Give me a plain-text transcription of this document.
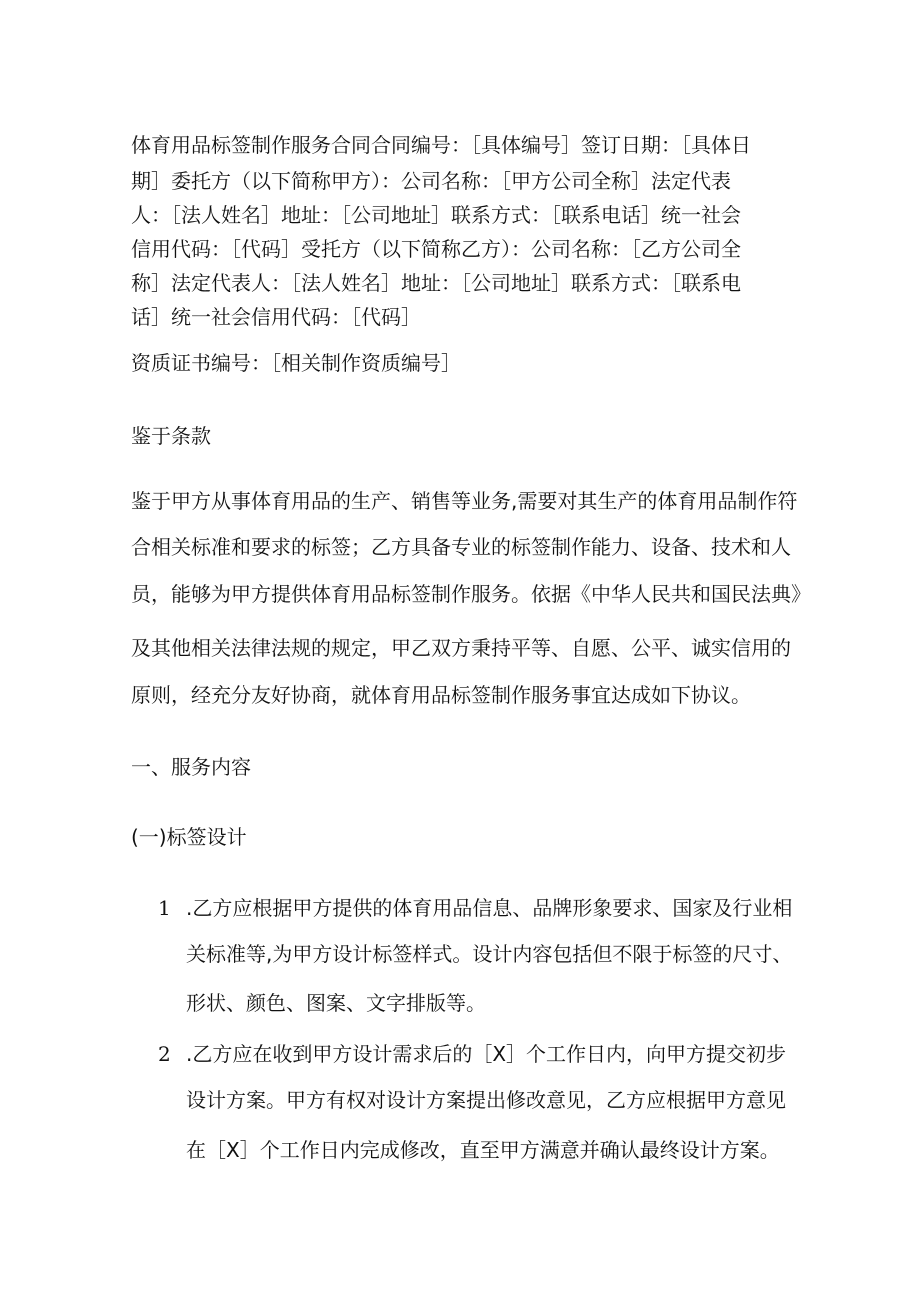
体育用品标签制作服务合同合同编号：［具体编号］签订日期：［具体日
期］委托方（以下简称甲方）：公司名称：［甲方公司全称］法定代表
人：［法人姓名］地址：［公司地址］联系方式：［联系电话］统一社会
信用代码：［代码］受托方（以下简称乙方）：公司名称：［乙方公司全
称］法定代表人：［法人姓名］地址：［公司地址］联系方式：［联系电
话］统一社会信用代码：［代码］
资质证书编号：［相关制作资质编号］
鉴于条款
鉴于甲方从事体育用品的生产、销售等业务,需要对其生产的体育用品制作符
合相关标准和要求的标签；乙方具备专业的标签制作能力、设备、技术和人
员，能够为甲方提供体育用品标签制作服务。依据《中华人民共和国民法典》
及其他相关法律法规的规定，甲乙双方秉持平等、自愿、公平、诚实信用的
原则，经充分友好协商，就体育用品标签制作服务事宜达成如下协议。
一、服务内容
(一)标签设计
1 .乙方应根据甲方提供的体育用品信息、品牌形象要求、国家及行业相
关标准等,为甲方设计标签样式。设计内容包括但不限于标签的尺寸、
形状、颜色、图案、文字排版等。
2 .乙方应在收到甲方设计需求后的［X］个工作日内，向甲方提交初步
设计方案。甲方有权对设计方案提出修改意见，乙方应根据甲方意见
在［X］个工作日内完成修改，直至甲方满意并确认最终设计方案。
